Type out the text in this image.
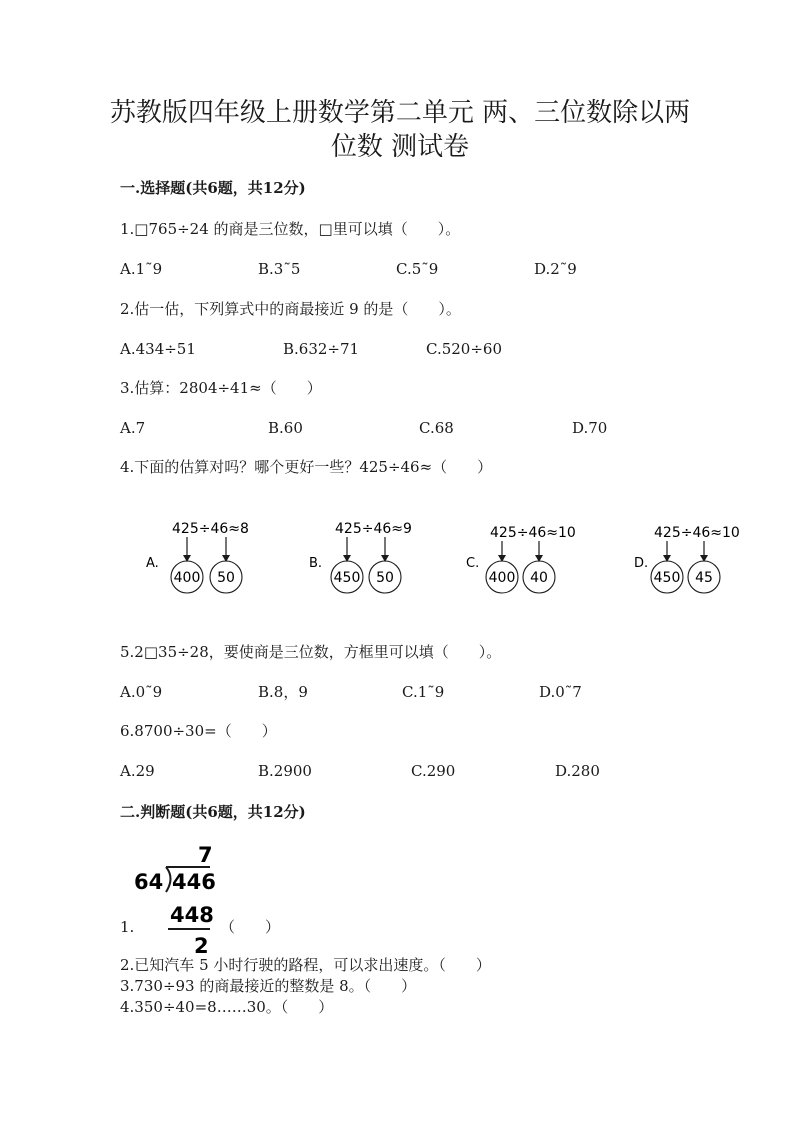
苏教版四年级上册数学第二单元 两、三位数除以两
位数 测试卷
一.选择题(共6题，共12分)
1.□765÷24 的商是三位数，□里可以填（　　）。
A.1˜9	B.3˜5	C.5˜9	D.2˜9
2.估一估，下列算式中的商最接近 9 的是（　　）。
A.434÷51	B.632÷71	C.520÷60
3.估算：2804÷41≈（　　）
A.7	B.60	C.68	D.70
4.下面的估算对吗？哪个更好一些？425÷46≈（　　）
A.
425÷46≈8
400 50
B.
425÷46≈9
450 50
C.
425÷46≈10
400 40
D.
425÷46≈10
450 45
5.2□35÷28，要使商是三位数，方框里可以填（　　）。
A.0˜9	B.8，9	C.1˜9	D.0˜7
6.8700÷30=（　　）
A.29	B.2900	C.290	D.280
二.判断题(共6题，共12分)
7
64 446
448
2
1.	（　　）
2.已知汽车 5 小时行驶的路程，可以求出速度。（　　）
3.730÷93 的商最接近的整数是 8。（　　）
4.350÷40=8……30。（　　）
